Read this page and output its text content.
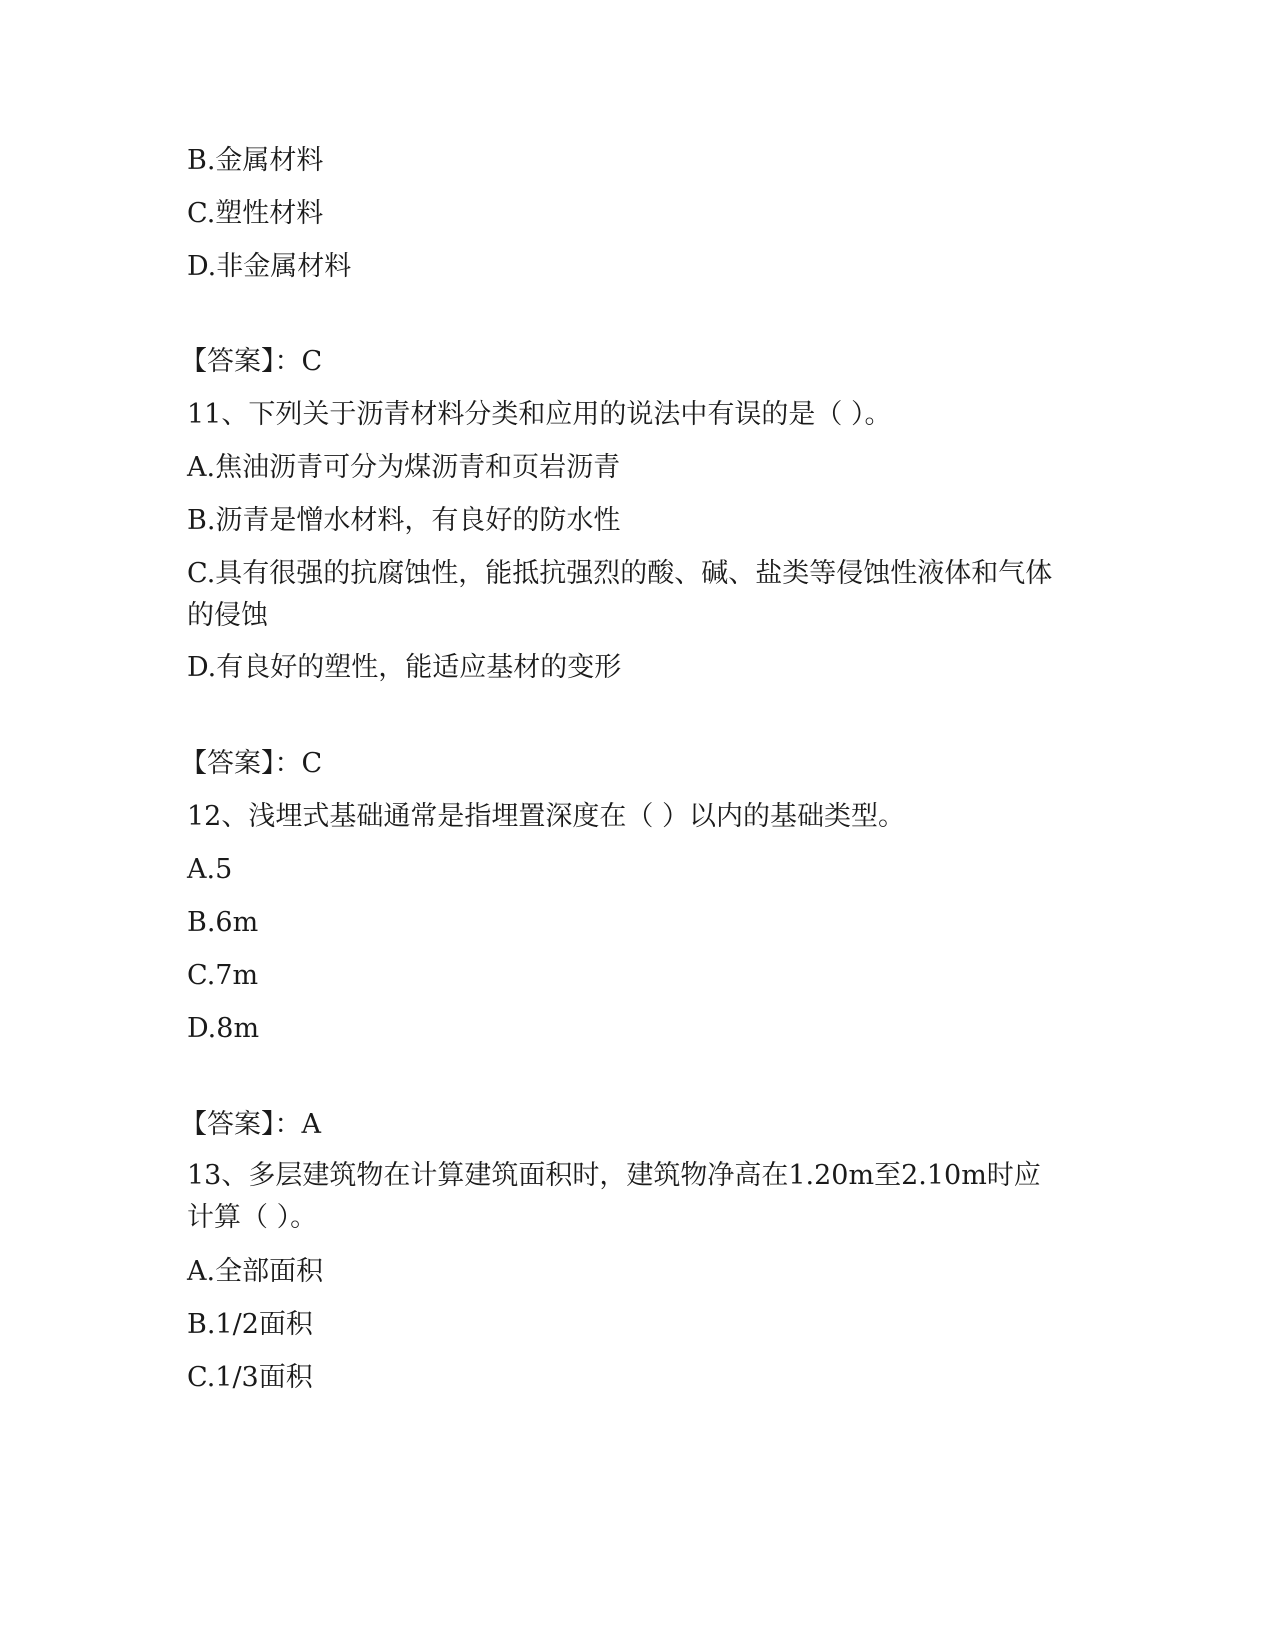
B.金属材料
C.塑性材料
D.非金属材料
【答案】：C
11、下列关于沥青材料分类和应用的说法中有误的是（ ）。
A.焦油沥青可分为煤沥青和页岩沥青
B.沥青是憎水材料，有良好的防水性
C.具有很强的抗腐蚀性，能抵抗强烈的酸、碱、盐类等侵蚀性液体和气体的侵蚀
D.有良好的塑性，能适应基材的变形
【答案】：C
12、浅埋式基础通常是指埋置深度在（ ）以内的基础类型。
A.5
B.6m
C.7m
D.8m
【答案】：A
13、多层建筑物在计算建筑面积时，建筑物净高在1.20m至2.10m时应计算（ ）。
A.全部面积
B.1/2面积
C.1/3面积
